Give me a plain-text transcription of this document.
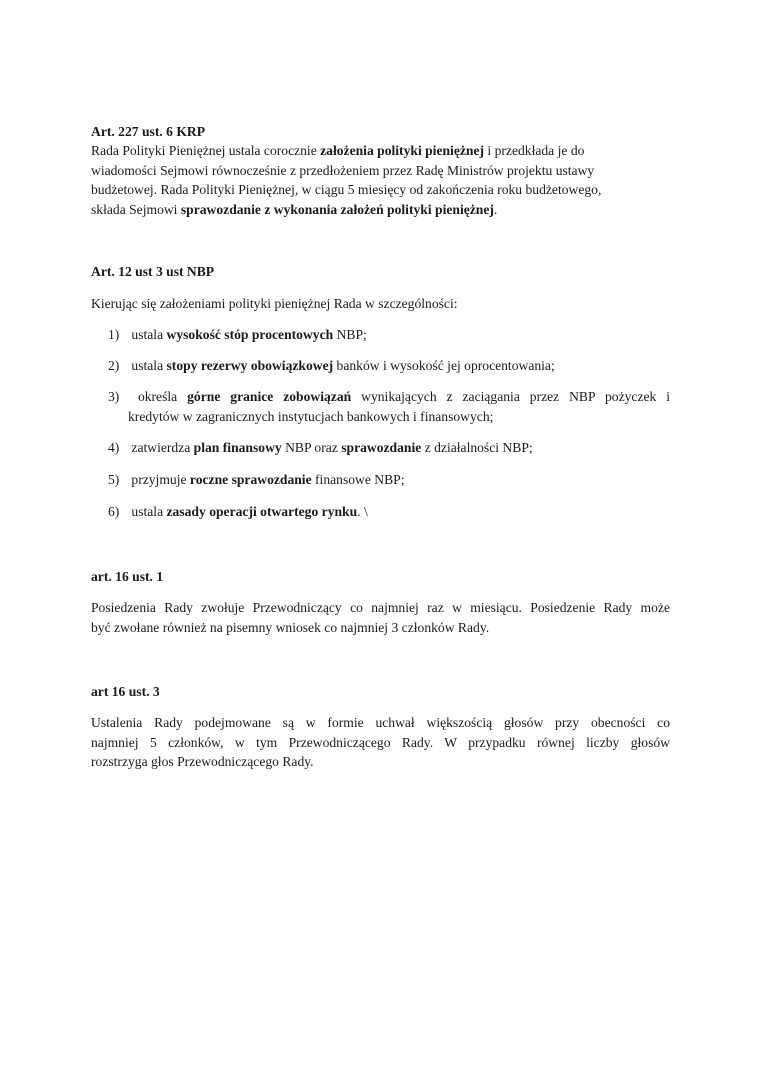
Art. 227 ust. 6 KRP
Rada Polityki Pieniężnej ustala corocznie założenia polityki pieniężnej i przedkłada je do
wiadomości Sejmowi równocześnie z przedłożeniem przez Radę Ministrów projektu ustawy
budżetowej. Rada Polityki Pieniężnej, w ciągu 5 miesięcy od zakończenia roku budżetowego,
składa Sejmowi sprawozdanie z wykonania założeń polityki pieniężnej.
Art. 12 ust 3 ust NBP
Kierując się założeniami polityki pieniężnej Rada w szczególności:
1) ustala wysokość stóp procentowych NBP;
2) ustala stopy rezerwy obowiązkowej banków i wysokość jej oprocentowania;
3) określa górne granice zobowiązań wynikających z zaciągania przez NBP pożyczek i
kredytów w zagranicznych instytucjach bankowych i finansowych;
4) zatwierdza plan finansowy NBP oraz sprawozdanie z działalności NBP;
5) przyjmuje roczne sprawozdanie finansowe NBP;
6) ustala zasady operacji otwartego rynku. \
art. 16 ust. 1
Posiedzenia Rady zwołuje Przewodniczący co najmniej raz w miesiącu. Posiedzenie Rady może
być zwołane również na pisemny wniosek co najmniej 3 członków Rady.
art 16 ust. 3
Ustalenia Rady podejmowane są w formie uchwał większością głosów przy obecności co
najmniej 5 członków, w tym Przewodniczącego Rady. W przypadku równej liczby głosów
rozstrzyga głos Przewodniczącego Rady.
